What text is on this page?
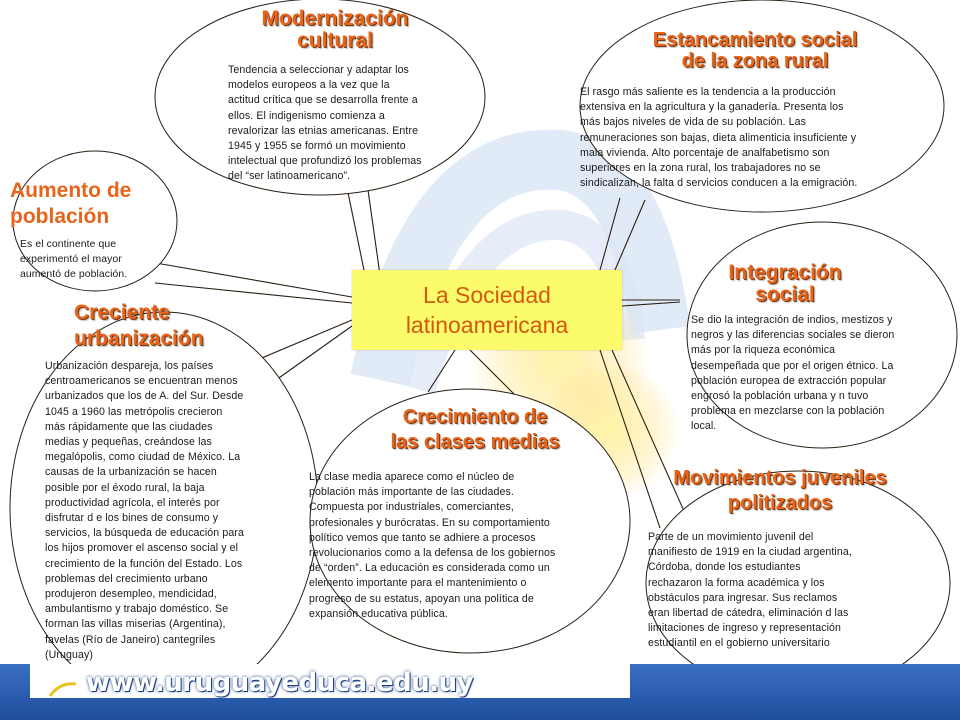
La Sociedad
latinoamericana
Modernización
cultural
Tendencia a seleccionar y adaptar los
modelos europeos a la vez que la
actitud crítica que se desarrolla frente a
ellos. El indigenismo comienza a
revalorizar las etnias americanas. Entre
1945 y 1955 se formó un movimiento
intelectual que profundizó los problemas
del “ser latinoamericano”.
Estancamiento social
de la zona rural
El rasgo más saliente es la tendencia a la producción
extensiva en la agricultura y la ganadería. Presenta los
más bajos niveles de vida de su población. Las
remuneraciones son bajas, dieta alimenticia insuficiente y
mala vivienda. Alto porcentaje de analfabetismo son
superiores en la zona rural, los trabajadores no se
sindicalizan, la falta d servicios conducen a la emigración.
Aumento de
población
Es el continente que
experimentó el mayor
aumentó de población.	Integración
social
Se dio la integración de indios, mestizos y
negros y las diferencias sociales se dieron
más por la riqueza económica
desempeñada que por el origen étnico. La
población europea de extracción popular
engrosó la población urbana y n tuvo
problema en mezclarse con la población
local.
Creciente
urbanización
Urbanización despareja, los países
centroamericanos se encuentran menos
urbanizados que los de A. del Sur. Desde
1045 a 1960 las metrópolis crecieron
más rápidamente que las ciudades
medias y pequeñas, creándose las
megalópolis, como ciudad de México. La
causas de la urbanización se hacen
posible por el éxodo rural, la baja
productividad agrícola, el interés por
disfrutar d e los bines de consumo y
servicios, la búsqueda de educación para
los hijos promover el ascenso social y el
crecimiento de la función del Estado. Los
problemas del crecimiento urbano
produjeron desempleo, mendicidad,
ambulantismo y trabajo doméstico. Se
forman las villas miserias (Argentina),
favelas (Río de Janeiro) cantegriles
(Uruguay)
Crecimiento de
las clases medias
La clase media aparece como el núcleo de
población más importante de las ciudades.
Compuesta por industriales, comerciantes,
profesionales y burócratas. En su comportamiento
político vemos que tanto se adhiere a procesos
revolucionarios como a la defensa de los gobiernos
de “orden”. La educación es considerada como un
elemento importante para el mantenimiento o
progreso de su estatus, apoyan una política de
expansión educativa pública.
Movimientos juveniles
politizados
Parte de un movimiento juvenil del
manifiesto de 1919 en la ciudad argentina,
Córdoba, donde los estudiantes
rechazaron la forma académica y los
obstáculos para ingresar. Sus reclamos
eran libertad de cátedra, eliminación d las
limitaciones de ingreso y representación
estudiantil en el gobierno universitario
www.uruguayeduca.edu.uy
